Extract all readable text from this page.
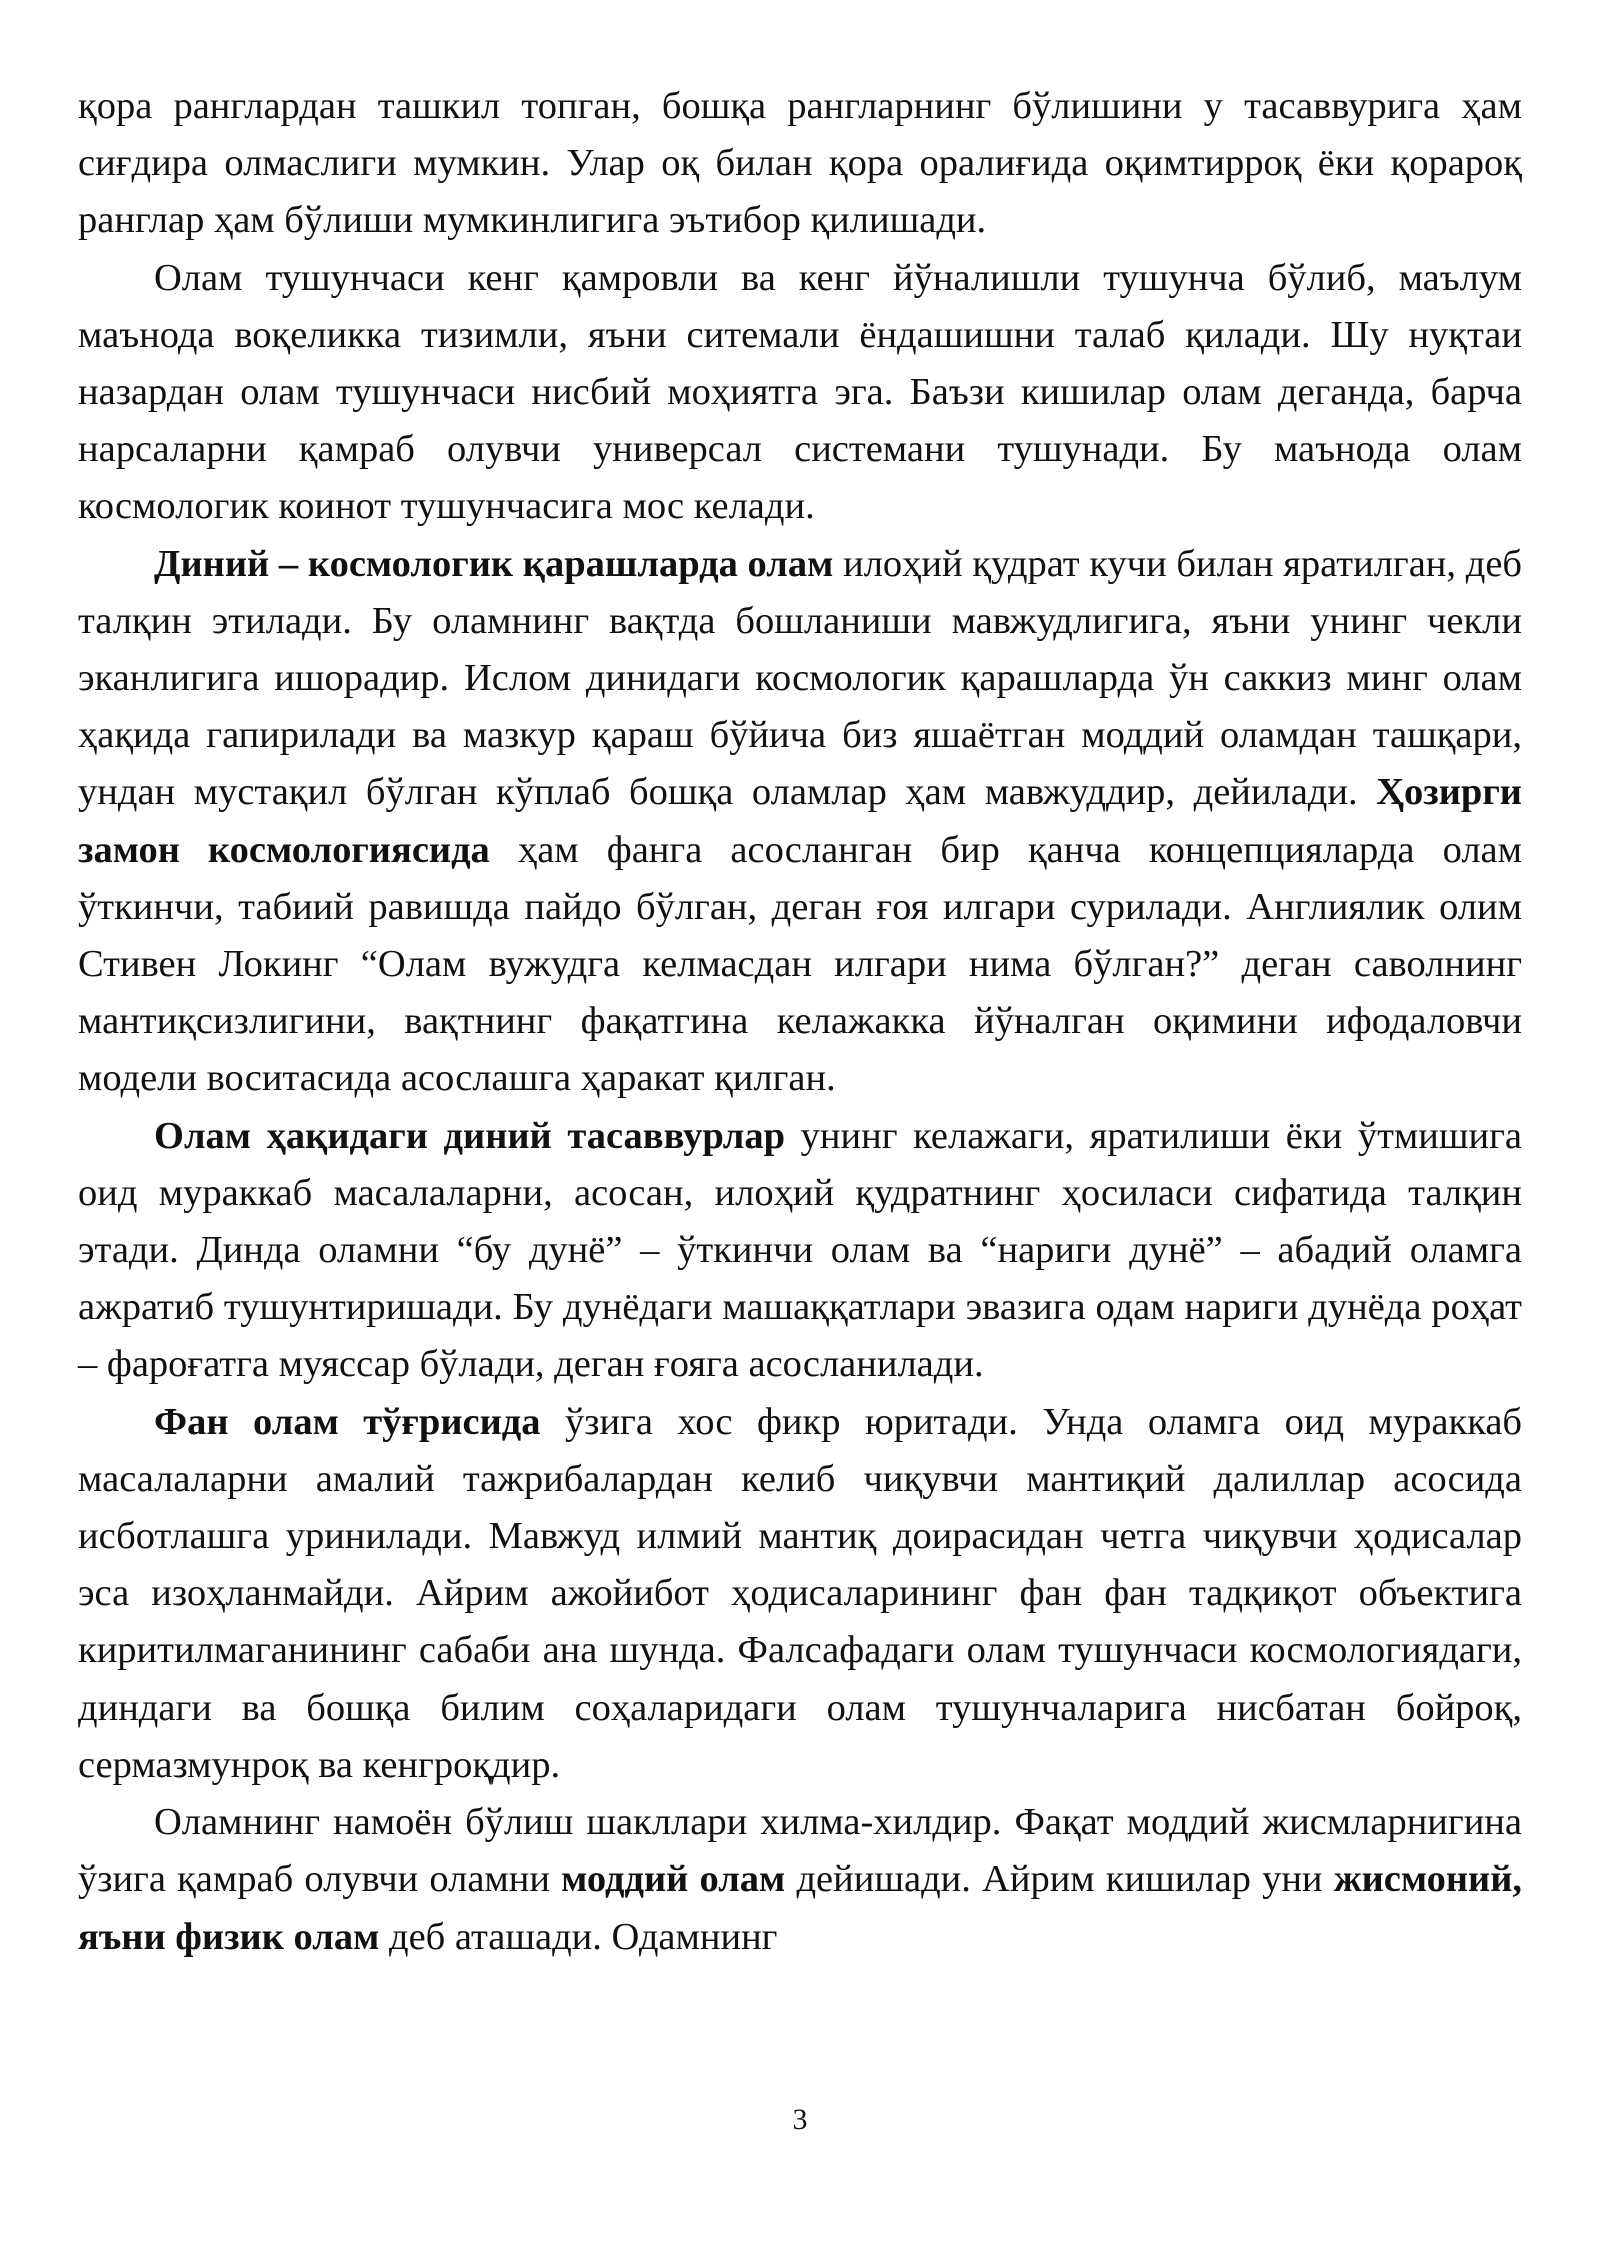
қора ранглардан ташкил топган, бошқа рангларнинг бўлишини у тасаввурига ҳам сиғдира олмаслиги мумкин. Улар оқ билан қора оралиғида оқимтирроқ ёки қорароқ ранглар ҳам бўлиши мумкинлигига эътибор қилишади.

Олам тушунчаси кенг қамровли ва кенг йўналишли тушунча бўлиб, маълум маънода воқеликка тизимли, яъни ситемали ёндашишни талаб қилади. Шу нуқтаи назардан олам тушунчаси нисбий моҳиятга эга. Баъзи кишилар олам деганда, барча нарсаларни қамраб олувчи универсал системани тушунади. Бу маънода олам космологик коинот тушунчасига мос келади.

Диний – космологик қарашларда олам илоҳий қудрат кучи билан яратилган, деб талқин этилади. Бу оламнинг вақтда бошланиши мавжудлигига, яъни унинг чекли эканлигига ишорадир. Ислом динидаги космологик қарашларда ўн саккиз минг олам ҳақида гапирилади ва мазкур қараш бўйича биз яшаётган моддий оламдан ташқари, ундан мустақил бўлган кўплаб бошқа оламлар ҳам мавжуддир, дейилади. Ҳозирги замон космологиясида ҳам фанга асосланган бир қанча концепцияларда олам ўткинчи, табиий равишда пайдо бўлган, деган ғоя илгари сурилади. Англиялик олим Стивен Локинг “Олам вужудга келмасдан илгари нима бўлган?” деган саволнинг мантиқсизлигини, вақтнинг фақатгина келажакка йўналган оқимини ифодаловчи модели воситасида асослашга ҳаракат қилган.

Олам ҳақидаги диний тасаввурлар унинг келажаги, яратилиши ёки ўтмишига оид мураккаб масалаларни, асосан, илоҳий қудратнинг ҳосиласи сифатида талқин этади. Динда оламни “бу дунё” – ўткинчи олам ва “нариги дунё” – абадий оламга ажратиб тушунтиришади. Бу дунёдаги машаққатлари эвазига одам нариги дунёда роҳат – фароғатга муяссар бўлади, деган ғояга асосланилади.

Фан олам тўғрисида ўзига хос фикр юритади. Унда оламга оид мураккаб масалаларни амалий тажрибалардан келиб чиқувчи мантиқий далиллар асосида исботлашга уринилади. Мавжуд илмий мантиқ доирасидан четга чиқувчи ҳодисалар эса изоҳланмайди. Айрим ажойибот ҳодисаларининг фан фан тадқиқот объектига киритилмаганининг сабаби ана шунда. Фалсафадаги олам тушунчаси космологиядаги, диндаги ва бошқа билим соҳаларидаги олам тушунчаларига нисбатан бойроқ, сермазмунроқ ва кенгроқдир.

Оламнинг намоён бўлиш шакллари хилма-хилдир. Фақат моддий жисмларнигина ўзига қамраб олувчи оламни моддий олам дейишади. Айрим кишилар уни жисмоний, яъни физик олам деб аташади. Одамнинг

3
